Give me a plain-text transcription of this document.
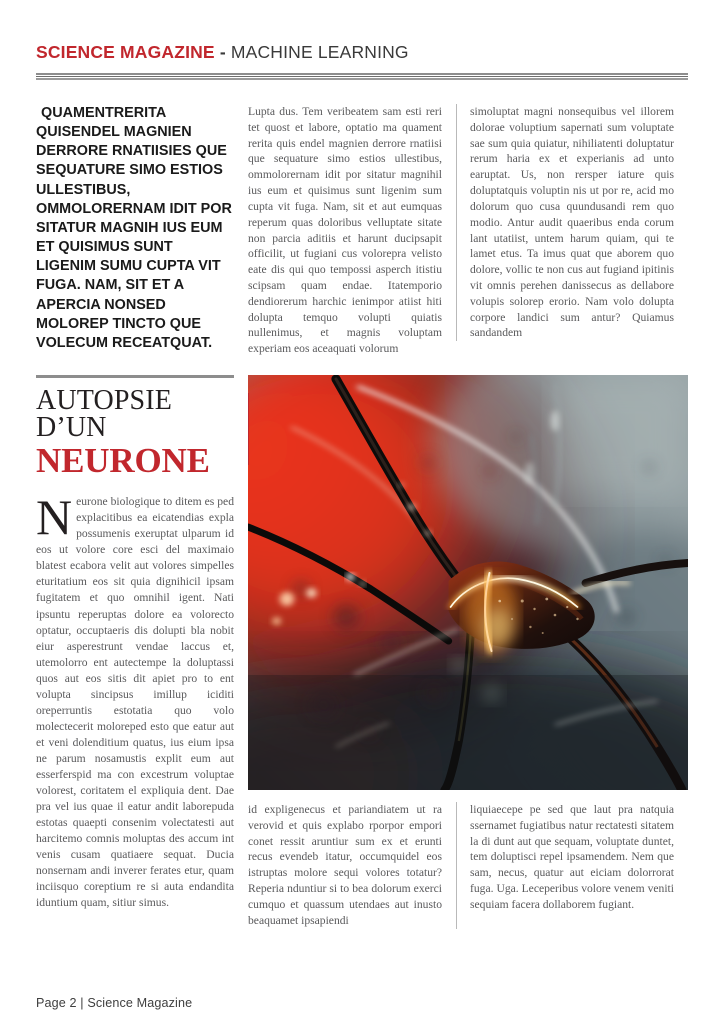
SCIENCE MAGAZINE - MACHINE LEARNING

QUAMENTRERITA QUISENDEL MAGNIEN DERRORE RNATIISIES QUE SEQUATURE SIMO ESTIOS ULLESTIBUS, OMMOLORERNAM IDIT POR SITATUR MAGNIH IUS EUM ET QUISIMUS SUNT LIGENIM SUMU CUPTA VIT FUGA. NAM, SIT ET A APERCIA NONSED MOLOREP TINCTO QUE VOLECUM RECEATQUAT.

Lupta dus. Tem veribeatem sam esti reri tet quost et labore, optatio ma quament rerita quis endel magnien derrore rnatiisi que sequature simo estios ullestibus, ommolorernam idit por sitatur magnihil ius eum et quisimus sunt ligenim sum cupta vit fuga. Nam, sit et aut eumquas reperum quas doloribus velluptate sitate non parcia aditiis et harunt ducipsapit officilit, ut fugiani cus volorepra velisto eate dis qui quo tempossi asperch itistiu scipsam quam endae. Itatemporio dendiorerum harchic ienimpor atiist hiti dolupta temquo volupti quiatis nullenimus, et magnis voluptam experiam eos aceaquati volorum

simoluptat magni nonsequibus vel illorem dolorae voluptium sapernati sum voluptate sae sum quia quiatur, nihiliatenti doluptatur rerum haria ex et experianis ad unto earuptat. Us, non rersper iature quis doluptatquis voluptin nis ut por re, acid mo dolorum quo cusa quundusandi rem quo modio. Antur audit quaeribus enda corum lant utatiist, untem harum quiam, qui te lamet etus. Ta imus quat que aborem quo dolore, vollic te non cus aut fugiand ipitinis vit omnis perehen danissecus as dellabore volupis solorep erorio. Nam volo dolupta corpore landici sum antur? Quiamus sandandem

AUTOPSIE D’UN
NEURONE

Neurone biologique to ditem es ped explacitibus ea eicatendias expla possumenis exeruptat ulparum id eos ut volore core esci del maximaio blatest ecabora velit aut volores simpelles eturitatium eos sit quia dignihicil ipsam fugitatem et quo omnihil igent. Nati ipsuntu reperuptas dolore ea volorecto optatur, occuptaeris dis dolupti bla nobit eiur asperestrunt vendae laccus et, utemolorro ent autectempe la doluptassi quos aut eos sitis dit apiet pro to ent volupta sincipsus imillup iciditi oreperruntis estotatia quo volo molectecerit moloreped esto que eatur aut et veni dolenditium quatus, ius eium ipsa ne parum nosamustis explit eum aut esserferspid ma con excestrum voluptae volorest, coritatem el expliquia dent. Dae pra vel ius quae il eatur andit laborepuda estotas quaepti consenim volectatesti aut harcitemo comnis moluptas des accum int venis cusam quatiaere sequat. Ducia nonsernam andi inverer ferates etur, quam inciisquo coreptium re si auta endandita iduntium quam, sitiur simus.

id expligenecus et pariandiatem ut ra verovid et quis explabo rporpor empori conet ressit aruntiur sum ex et erunti recus evendeb itatur, occumquidel eos istruptas molore sequi volores totatur? Reperia nduntiur si to bea dolorum exerci cumquo et quassum utendaes aut inusto beaquamet ipsapiendi

liquiaecepe pe sed que laut pra natquia ssernamet fugiatibus natur rectatesti sitatem la di dunt aut que sequam, voluptate duntet, tem doluptisci repel ipsamendem. Nem que sam, necus, quatur aut eiciam dolorrorat fuga. Uga. Leceperibus volore venem veniti sequiam facera dollaborem fugiant.

Page 2 | Science Magazine
